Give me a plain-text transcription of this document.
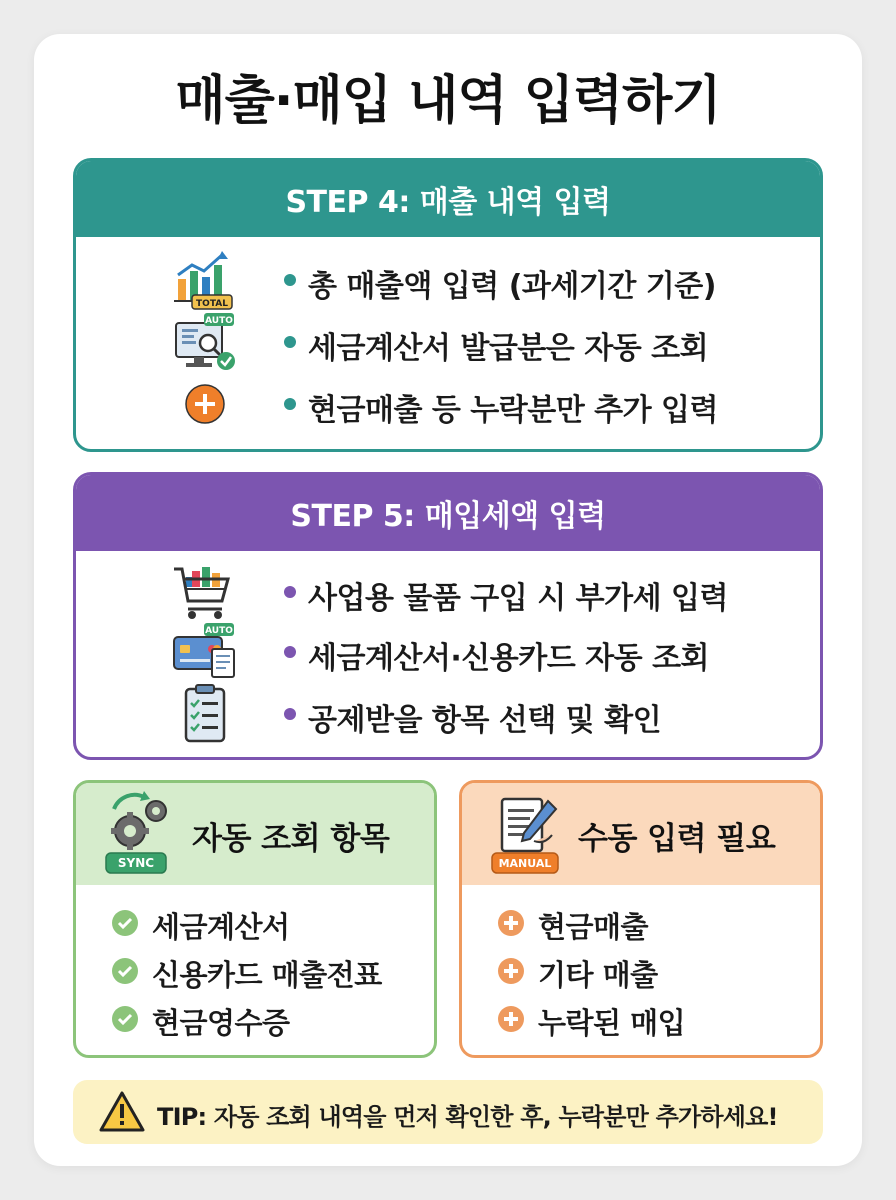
매출·매입 내역 입력하기
STEP 4: 매출 내역 입력
TOTAL	총 매출액 입력 (과세기간 기준)
AUTO
세금계산서 발급분은 자동 조회
현금매출 등 누락분만 추가 입력
STEP 5: 매입세액 입력
사업용 물품 구입 시 부가세 입력
AUTO
세금계산서·신용카드 자동 조회
공제받을 항목 선택 및 확인
SYNC
자동 조회 항목
세금계산서
신용카드 매출전표
현금영수증
MANUAL
수동 입력 필요
현금매출
기타 매출
누락된 매입
TIP: 자동 조회 내역을 먼저 확인한 후, 누락분만 추가하세요!
